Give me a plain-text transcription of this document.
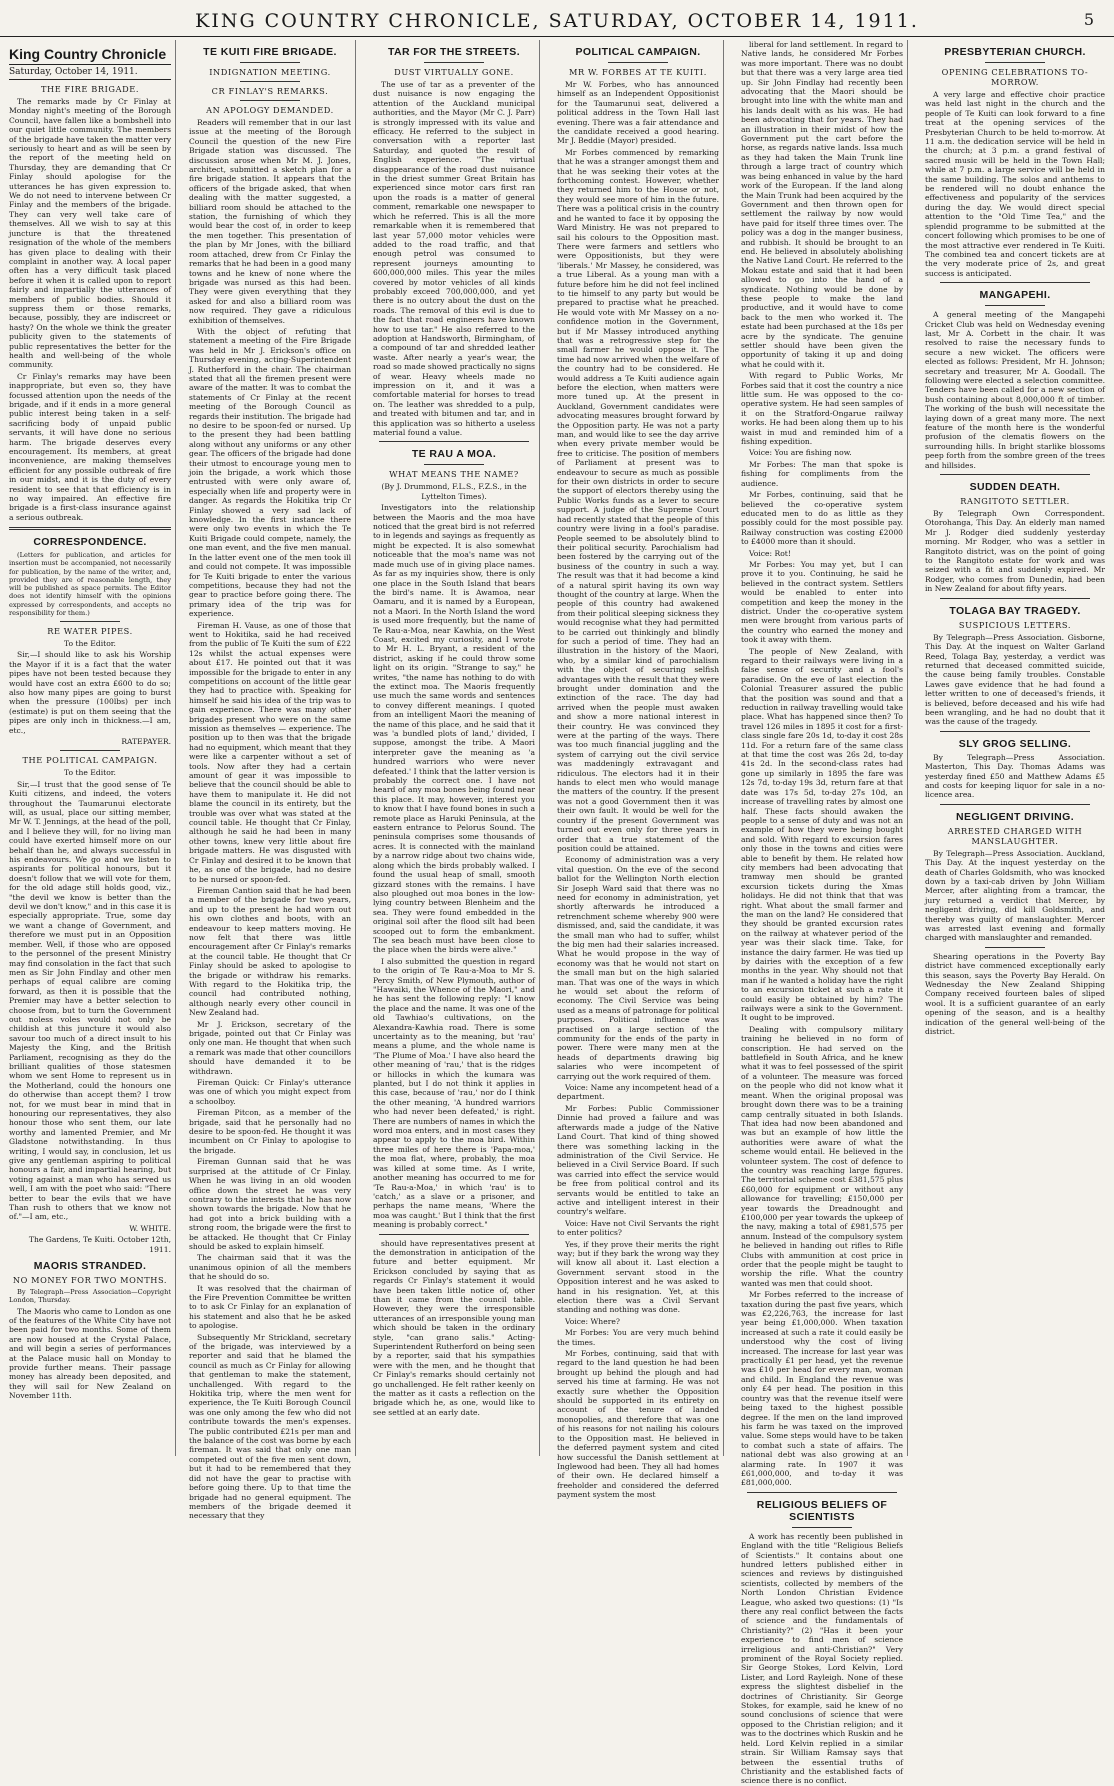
KING COUNTRY CHRONICLE, SATURDAY, OCTOBER 14, 1911.	5
King Country Chronicle
Saturday, October 14, 1911.
THE FIRE BRIGADE.

The remarks made by Cr Finlay at Monday night's meeting of the Borough Council, have fallen like a bombshell into our quiet little community. The members of the brigade have taken the matter very seriously to heart and as will be seen by the report of the meeting held on Thursday, they are demanding that Cr Finlay should apologise for the utterances he has given expression to. We do not need to intervene between Cr Finlay and the members of the brigade. They can very well take care of themselves. All we wish to say at this juncture is that the threatened resignation of the whole of the members has given place to dealing with their complaint in another way. A local paper often has a very difficult task placed before it when it is called upon to report fairly and impartially the utterances of members of public bodies. Should it suppress them or those remarks, because, possibly, they are indiscreet or hasty? On the whole we think the greater publicity given to the statements of public representatives the better for the health and well-being of the whole community.

Cr Finlay's remarks may have been inappropriate, but even so, they have focussed attention upon the needs of the brigade, and if it ends in a more general public interest being taken in a self-sacrificing body of unpaid public servants, it will have done no serious harm. The brigade deserves every encouragement. Its members, at great inconvenience, are making themselves efficient for any possible outbreak of fire in our midst, and it is the duty of every resident to see that that efficiency is in no way impaired. An effective fire brigade is a first-class insurance against a serious outbreak.

CORRESPONDENCE.

(Letters for publication, and articles for insertion must be accompanied, not necessarily for publication, by the name of the writer, and, provided they are of reasonable length, they will be published as space permits. The Editor does not identify himself with the opinions expressed by correspondents, and accepts no responsibility for them.)

RE WATER PIPES.

To the Editor.

Sir,—I should like to ask his Worship the Mayor if it is a fact that the water pipes have not been tested because they would have cost an extra £600 to do so; also how many pipes are going to burst when the pressure (100lbs) per inch (estimate) is put on them seeing that the pipes are only inch in thickness.—I am, etc.,

RATEPAYER.

THE POLITICAL CAMPAIGN.

To the Editor.

Sir,—I trust that the good sense of Te Kuiti citizens, and indeed, the voters throughout the Taumarunui electorate will, as usual, place our sitting member, Mr W. T. Jennings, at the head of the poll, and I believe they will, for no living man could have exerted himself more on our behalf than he, and always successful in his endeavours. We go and we listen to aspirants for political honours, but it doesn't follow that we will vote for them, for the old adage still holds good, viz., "the devil we know is better than the devil we don't know," and in this case it is especially appropriate. True, some day we want a change of Government, and therefore we must put in an Opposition member. Well, if those who are opposed to the personnel of the present Ministry may find consolation in the fact that such men as Sir John Findlay and other men perhaps of equal calibre are coming forward, as then it is possible that the Premier may have a better selection to choose from, but to turn the Government out noless voles would not only be childish at this juncture it would also savour too much of a direct insult to his Majesty the King, and the British Parliament, recognising as they do the brilliant qualities of those statesmen whom we sent Home to represent us in the Motherland, could the honours one do otherwise than accept them? I trow not, for we must bear in mind that in honouring our representatives, they also honour those who sent them, our late worthy and lamented Premier, and Mr Gladstone notwithstanding. In thus writing, I would say, in conclusion, let us give any gentleman aspiring to political honours a fair, and impartial hearing, but voting against a man who has served us well, I am with the poet who said: "There better to bear the evils that we have Than rush to others that we know not of."—I am, etc.,

W. WHITE.

The Gardens, Te Kuiti. October 12th, 1911.

MAORIS STRANDED.
NO MONEY FOR TWO MONTHS.

By Telegraph—Press Association—Copyright London, Thursday.

The Maoris who came to London as one of the features of the White City have not been paid for two months. Some of them are now housed at the Crystal Palace, and will begin a series of performances at the Palace music hall on Monday to provide further means. Their passage money has already been deposited, and they will sail for New Zealand on November 11th.

TE KUITI FIRE BRIGADE.
INDIGNATION MEETING.
CR FINLAY'S REMARKS.
AN APOLOGY DEMANDED.

Readers will remember that in our last issue at the meeting of the Borough Council the question of the new Fire Brigade station was discussed. The discussion arose when Mr M. J. Jones, architect, submitted a sketch plan for a fire brigade station. It appears that the officers of the brigade asked, that when dealing with the matter suggested, a billiard room should be attached to the station, the furnishing of which they would bear the cost of, in order to keep the men together. This presentation of the plan by Mr Jones, with the billiard room attached, drew from Cr Finlay the remarks that he had been in a good many towns and he knew of none where the brigade was nursed as this had been. They were given everything that they asked for and also a billiard room was now required. They gave a ridiculous exhibition of themselves.

With the object of refuting that statement a meeting of the Fire Brigade was held in Mr J. Erickson's office on Thursday evening, acting-Superintendent J. Rutherford in the chair. The chairman stated that all the firemen present were aware of the matter. It was to combat the statements of Cr Finlay at the recent meeting of the Borough Council as regards their institution. The brigade had no desire to be spoon-fed or nursed. Up to the present they had been battling along without any uniforms or any other gear. The officers of the brigade had done their utmost to encourage young men to join the brigade, a work which those entrusted with were only aware of, especially when life and property were in danger. As regards the Hokitika trip Cr Finlay showed a very sad lack of knowledge. In the first instance there were only two events in which the Te Kuiti Brigade could compete, namely, the one man event, and the five men manual. In the latter event one of the men took ill and could not compete. It was impossible for Te Kuiti brigade to enter the various competitions, because they had not the gear to practice before going there. The primary idea of the trip was for experience.

Fireman H. Vause, as one of those that went to Hokitika, said he had received from the public of Te Kuiti the sum of £22 12s whilst the actual expenses were about £17. He pointed out that it was impossible for the brigade to enter in any competitions on account of the little gear they had to practice with. Speaking for himself he said his idea of the trip was to gain experience. There was many other brigades present who were on the same mission as themselves — experience. The position up to then was that the brigade had no equipment, which meant that they were like a carpenter without a set of tools. Now after they had a certain amount of gear it was impossible to believe that the council should be able to have them to manipulate it. He did not blame the council in its entirety, but the trouble was over what was stated at the council table. He thought that Cr Finlay, although he said he had been in many other towns, knew very little about fire brigade matters. He was disgusted with Cr Finlay and desired it to be known that he, as one of the brigade, had no desire to be nursed or spoon-fed.

Fireman Cantion said that he had been a member of the brigade for two years, and up to the present he had worn out his own clothes and boots, with an endeavour to keep matters moving. He now felt that there was little encouragement after Cr Finlay's remarks at the council table. He thought that Cr Finlay should be asked to apologise to the brigade or withdraw his remarks. With regard to the Hokitika trip, the council had contributed nothing, although nearly every other council in New Zealand had.

Mr J. Erickson, secretary of the brigade, pointed out that Cr Finlay was only one man. He thought that when such a remark was made that other councillors should have demanded it to be withdrawn.

Fireman Quick: Cr Finlay's utterance was one of which you might expect from a schoolboy.

Fireman Pitcon, as a member of the brigade, said that he personally had no desire to be spoon-fed. He thought it was incumbent on Cr Finlay to apologise to the brigade.

Fireman Gunnan said that he was surprised at the attitude of Cr Finlay. When he was living in an old wooden office down the street he was very contrary to the interests that he has now shown towards the brigade. Now that he had got into a brick building with a strong room, the brigade were the first to be attacked. He thought that Cr Finlay should be asked to explain himself.

The chairman said that it was the unanimous opinion of all the members that he should do so.

It was resolved that the chairman of the Fire Prevention Committee be written to to ask Cr Finlay for an explanation of his statement and also that he be asked to apologise.

Subsequently Mr Strickland, secretary of the brigade, was interviewed by a reporter and said that he blamed the council as much as Cr Finlay for allowing that gentleman to make the statement, unchallenged. With regard to the Hokitika trip, where the men went for experience, the Te Kuiti Borough Council was one only among the few who did not contribute towards the men's expenses. The public contributed £21s per man and the balance of the cost was borne by each fireman. It was said that only one man competed out of the five men sent down, but it had to be remembered that they did not have the gear to practise with before going there. Up to that time the brigade had no general equipment. The members of the brigade deemed it necessary that they

TAR FOR THE STREETS.
DUST VIRTUALLY GONE.

The use of tar as a preventer of the dust nuisance is now engaging the attention of the Auckland municipal authorities, and the Mayor (Mr C. J. Parr) is strongly impressed with its value and efficacy. He referred to the subject in conversation with a reporter last Saturday, and quoted the result of English experience. "The virtual disappearance of the road dust nuisance in the driest summer Great Britain has experienced since motor cars first ran upon the roads is a matter of general comment, remarkable one newspaper to which he referred. This is all the more remarkable when it is remembered that last year 57,000 motor vehicles were added to the road traffic, and that enough petrol was consumed to represent journeys amounting to 600,000,000 miles. This year the miles covered by motor vehicles of all kinds probably exceed 700,000,000, and yet there is no outcry about the dust on the roads. The removal of this evil is due to the fact that road engineers have known how to use tar." He also referred to the adoption at Handsworth, Birmingham, of a compound of tar and shredded leather waste. After nearly a year's wear, the road so made showed practically no signs of wear. Heavy wheels made no impression on it, and it was a comfortable material for horses to tread on. The leather was shredded to a pulp, and treated with bitumen and tar, and in this application was so hitherto a useless material found a value.

TE RAU A MOA.
WHAT MEANS THE NAME?

(By J. Drummond, F.L.S., F.Z.S., in the Lyttelton Times).

Investigators into the relationship between the Maoris and the moa have noticed that the great bird is not referred to in legends and sayings as frequently as might be expected. It is also somewhat noticeable that the moa's name was not made much use of in giving place names. As far as my inquiries show, there is only one place in the South Island that bears the bird's name. It is Awamoa, near Oamaru, and it is named by a European, not a Maori. In the North Island the word is used more frequently, but the name of Te Rau-a-Moa, near Kawhia, on the West Coast, excited my curiosity, and I wrote to Mr H. L. Bryant, a resident of the district, asking if he could throw some light on its origin. "Strange to say," he writes, "the name has nothing to do with the extinct moa. The Maoris frequently use much the same words and sentences to convey different meanings. I quoted from an intelligent Maori the meaning of the name of this place, and he said that it was 'a bundled plots of land,' divided, I suppose, amongst the tribe. A Maori interpreter gave the meaning as 'a hundred warriors who were never defeated.' I think that the latter version is probably the correct one. I have not heard of any moa bones being found near this place. It may, however, interest you to know that I have found bones in such a remote place as Haruki Peninsula, at the eastern entrance to Pelorus Sound. The peninsula comprises some thousands of acres. It is connected with the mainland by a narrow ridge about two chains wide, along which the birds probably walked. I found the usual heap of small, smooth gizzard stones with the remains. I have also ploughed out moa bones in the low-lying country between Blenheim and the sea. They were found embedded in the original soil after the flood silt had been scooped out to form the embankment. The sea beach must have been close to the place when the birds were alive."

I also submitted the question in regard to the origin of Te Rau-a-Moa to Mr S. Percy Smith, of New Plymouth, author of "Hawaiki, the Whence of the Maori," and he has sent the following reply: "I know the place and the name. It was one of the old Tawhiao's cultivations, on the Alexandra-Kawhia road. There is some uncertainty as to the meaning, but 'rau' means a plume, and the whole name is 'The Plume of Moa.' I have also heard the other meaning of 'rau,' that is the ridges or hillocks in which the kumara was planted, but I do not think it applies in this case, because of 'rau,' nor do I think the other meaning, 'A hundred warriors who had never been defeated,' is right. There are numbers of names in which the word moa enters, and in most cases they appear to apply to the moa bird. Within three miles of here there is 'Papa-moa,' the moa flat, where, probably, the moa was killed at some time. As I write, another meaning has occurred to me for 'Te Rau-a-Moa,' in which 'rau' is to 'catch,' as a slave or a prisoner, and perhaps the name means, 'Where the moa was caught.' But I think that the first meaning is probably correct."

should have representatives present at the demonstration in anticipation of the future and better equipment. Mr Erickson concluded by saying that as regards Cr Finlay's statement it would have been taken little notice of, other than it came from the council table. However, they were the irresponsible utterances of an irresponsible young man which should be taken in the ordinary style, "can grano salis." Acting-Superintendent Rutherford on being seen by a reporter, said that his sympathies were with the men, and he thought that Cr Finlay's remarks should certainly not go unchallenged. He felt rather keenly on the matter as it casts a reflection on the brigade which he, as one, would like to see settled at an early date.

POLITICAL CAMPAIGN.
MR W. FORBES AT TE KUITI.

Mr W. Forbes, who has announced himself as an Independent Oppositionist for the Taumarunui seat, delivered a political address in the Town Hall last evening. There was a fair attendance and the candidate received a good hearing. Mr J. Beddie (Mayor) presided.

Mr Forbes commenced by remarking that he was a stranger amongst them and that he was seeking their votes at the forthcoming contest. However, whether they returned him to the House or not, they would see more of him in the future. There was a political crisis in the country and he wanted to face it by opposing the Ward Ministry. He was not prepared to sail his colours to the Opposition mast. There were farmers and settlers who were Oppositionists, but they were 'liberals.' Mr Massey, he considered, was a true Liberal. As a young man with a future before him he did not feel inclined to tie himself to any party but would be prepared to practise what he preached. He would vote with Mr Massey on a no-confidence motion in the Government, but if Mr Massey introduced anything that was a retrogressive step for the small farmer he would oppose it. The time had now arrived when the welfare of the country had to be considered. He would address a Te Kuiti audience again before the election, when matters were more tuned up. At the present in Auckland, Government candidates were advocating measures brought forward by the Opposition party. He was not a party man, and would like to see the day arrive when every private member would be free to criticise. The position of members of Parliament at present was to endeavour to secure as much as possible for their own districts in order to secure the support of electors thereby using the Public Works funds as a lever to secure support. A judge of the Supreme Court had recently stated that the people of this country were living in a fool's paradise. People seemed to be absolutely blind to their political security. Parochialism had been fostered by the carrying out of the business of the country in such a way. The result was that it had become a kind of a natural spirit having its own way thought of the country at large. When the people of this country had awakened from their political sleeping sickness they would recognise what they had permitted to be carried out thinkingly and blindly for such a period of time. They had an illustration in the history of the Maori, who, by a similar kind of parochialism with the object of securing selfish advantages with the result that they were brought under domination and the extinction of the race. The day had arrived when the people must awaken and show a more national interest in their country. He was convinced they were at the parting of the ways. There was too much financial juggling and the system of carrying out the civil service was maddeningly extravagant and ridiculous. The electors had it in their hands to elect men who would manage the matters of the country. If the present was not a good Government then it was their own fault. It would be well for the country if the present Government was turned out even only for three years in order that a true statement of the position could be attained.

Economy of administration was a very vital question. On the eve of the second ballot for the Wellington North election Sir Joseph Ward said that there was no need for economy in administration, yet shortly afterwards he introduced a retrenchment scheme whereby 900 were dismissed, and, said the candidate, it was the small man who had to suffer, whilst the big men had their salaries increased. What he would propose in the way of economy was that he would not start on the small man but on the high salaried man. That was one of the ways in which he would set about the reform of economy. The Civil Service was being used as a means of patronage for political purposes. Political influence was practised on a large section of the community for the ends of the party in power. There were many men at the heads of departments drawing big salaries who were incompetent of carrying out the work required of them.

Voice: Name any incompetent head of a department.

Mr Forbes: Public Commissioner Dinnie had proved a failure and was afterwards made a judge of the Native Land Court. That kind of thing showed there was something lacking in the administration of the Civil Service. He believed in a Civil Service Board. If such was carried into effect the service would be free from political control and its servants would be entitled to take an active and intelligent interest in their country's welfare.

Voice: Have not Civil Servants the right to enter politics?

Yes, if they prove their merits the right way; but if they bark the wrong way they will know all about it. Last election a Government servant stood in the Opposition interest and he was asked to hand in his resignation. Yet, at this election there was a Civil Servant standing and nothing was done.

Voice: Where?

Mr Forbes: You are very much behind the times.

Mr Forbes, continuing, said that with regard to the land question he had been brought up behind the plough and had served his time at farming. He was not exactly sure whether the Opposition should be supported in its entirety on account of the tenure of landed monopolies, and therefore that was one of his reasons for not nailing his colours to the Opposition mast. He believed in the deferred payment system and cited how successful the Danish settlement at Inglewood had been. They all had homes of their own. He declared himself a freeholder and considered the deferred payment system the most

liberal for land settlement. In regard to Native lands, he considered Mr Forbes was more important. There was no doubt but that there was a very large area tied up. Sir John Findlay had recently been advocating that the Maori should be brought into line with the white man and his lands dealt with as his was. He had been advocating that for years. They had an illustration in their midst of how the Government put the cart before the horse, as regards native lands. Issa much as they had taken the Main Trunk line through a large tract of country which was being enhanced in value by the hard work of the European. If the land along the Main Trunk had been acquired by the Government and then thrown open for settlement the railway by now would have paid for itself three times over. The policy was a dog in the manger business, and rubbish. It should be brought to an end. He believed in absolutely abolishing the Native Land Court. He referred to the Mokau estate and said that it had been allowed to go into the hand of a syndicate. Nothing would be done by these people to make the land productive, and it would have to come back to the men who worked it. The estate had been purchased at the 18s per acre by the syndicate. The genuine settler should have been given the opportunity of taking it up and doing what he could with it.

With regard to Public Works, Mr Forbes said that it cost the country a nice little sum. He was opposed to the co-operative system. He had seen samples of it on the Stratford-Ongarue railway works. He had been along them up to his waist in mud and reminded him of a fishing expedition.

Voice: You are fishing now.

Mr Forbes: The man that spoke is fishing for compliments from the audience.

Mr Forbes, continuing, said that he believed the co-operative system educated men to do as little as they possibly could for the most possible pay. Railway construction was costing £2000 to £4000 more than it should.

Voice: Rot!

Mr Forbes: You may yet, but I can prove it to you. Continuing, he said he believed in the contract system. Settlers would be enabled to enter into competition and keep the money in the district. Under the co-operative system men were brought from various parts of the country who earned the money and took it away with them.

The people of New Zealand, with regard to their railways were living in a false sense of security and a fool's paradise. On the eve of last election the Colonial Treasurer assured the public that the position was sound and that a reduction in railway travelling would take place. What has happened since then? To travel 126 miles in 1895 it cost for a first-class single fare 20s 1d, to-day it cost 28s 11d. For a return fare of the same class at that time the cost was 26s 2d, to-day 41s 2d. In the second-class rates had gone up similarly in 1895 the fare was 12s 7d, to-day 19s 3d, return fare at that date was 17s 5d, to-day 27s 10d, an increase of travelling rates by almost one half. These facts should awaken the people to a sense of duty and was not an example of how they were being bought and sold. With regard to excursion fares only those in the towns and cities were able to benefit by them. He related how city members had been advocating that tramway men should be granted excursion tickets during the Xmas holidays. He did not think that that was right. What about the small farmer and the man on the land? He considered that they should be granted excursion rates on the railway at whatever period of the year was their slack time. Take, for instance the dairy farmer. He was tied up by dairies with the exception of a few months in the year. Why should not that man if he wanted a holiday have the right to an excursion ticket at such a rate it could easily be obtained by him? The railways were a sink to the Government. It ought to be improved.

Dealing with compulsory military training he believed in no form of conscription. He had served on the battlefield in South Africa, and he knew what it was to feel possessed of the spirit of a volunteer. The measure was forced on the people who did not know what it meant. When the original proposal was brought down there was to be a training camp centrally situated in both Islands. That idea had now been abandoned and was but an example of how little the authorities were aware of what the scheme would entail. He believed in the volunteer system. The cost of defence to the country was reaching large figures. The territorial scheme cost £381,575 plus £60,000 for equipment or without any allowance for travelling; £150,000 per year towards the Dreadnought and £100,000 per year towards the upkeep of the navy, making a total of £981,575 per annum. Instead of the compulsory system he believed in handing out rifles to Rifle Clubs with ammunition at cost price in order that the people might be taught to worship the rifle. What the country wanted was men that could shoot.

Mr Forbes referred to the increase of taxation during the past five years, which was £2,226,763, the increase for last year being £1,000,000. When taxation increased at such a rate it could easily be understood why the cost of living increased. The increase for last year was practically £1 per head, yet the revenue was £10 per head for every man, woman and child. In England the revenue was only £4 per head. The position in this country was that the revenue itself were being taxed to the highest possible degree. If the men on the land improved his farm he was taxed on the improved value. Some steps would have to be taken to combat such a state of affairs. The national debt was also growing at an alarming rate. In 1907 it was £61,000,000, and to-day it was £81,000,000.

RELIGIOUS BELIEFS OF SCIENTISTS

A work has recently been published in England with the title "Religious Beliefs of Scientists." It contains about one hundred letters published either in sciences and reviews by distinguished scientists, collected by members of the North London Christian Evidence League, who asked two questions: (1) "Is there any real conflict between the facts of science and the fundamentals of Christianity?" (2) "Has it been your experience to find men of science irreligious and anti-Christian?" Very prominent of the Royal Society replied. Sir George Stokes, Lord Kelvin, Lord Lister, and Lord Rayleigh. None of these express the slightest disbelief in the doctrines of Christianity. Sir George Stokes, for example, said he knew of no sound conclusions of science that were opposed to the Christian religion; and it was to the doctrines which Ruskin and he held. Lord Kelvin replied in a similar strain. Sir William Ramsay says that between the essential truths of Christianity and the established facts of science there is no conflict.

PRESBYTERIAN CHURCH.
OPENING CELEBRATIONS TO-MORROW.

A very large and effective choir practice was held last night in the church and the people of Te Kuiti can look forward to a fine treat at the opening services of the Presbyterian Church to be held to-morrow. At 11 a.m. the dedication service will be held in the church; at 3 p.m. a grand festival of sacred music will be held in the Town Hall; while at 7 p.m. a large service will be held in the same building. The solos and anthems to be rendered will no doubt enhance the effectiveness and popularity of the services during the day. We would direct special attention to the "Old Time Tea," and the splendid programme to be submitted at the concert following which promises to be one of the most attractive ever rendered in Te Kuiti. The combined tea and concert tickets are at the very moderate price of 2s, and great success is anticipated.

MANGAPEHI.

A general meeting of the Mangapehi Cricket Club was held on Wednesday evening last, Mr A. Corbett in the chair. It was resolved to raise the necessary funds to secure a new wicket. The officers were elected as follows: President, Mr H. Johnson; secretary and treasurer, Mr A. Goodall. The following were elected a selection committee. Tenders have been called for a new section of bush containing about 8,000,000 ft of timber. The working of the bush will necessitate the laying down of a great many more. The next feature of the month here is the wonderful profusion of the clematis flowers on the surrounding hills. In bright starlike blossoms peep forth from the sombre green of the trees and hillsides.

SUDDEN DEATH.
RANGITOTO SETTLER.

By Telegraph Own Correspondent. Otorohanga, This Day. An elderly man named Mr J. Rodger died suddenly yesterday morning. Mr Rodger, who was a settler in Rangitoto district, was on the point of going to the Rangitoto estate for work and was seized with a fit and suddenly expired. Mr Rodger, who comes from Dunedin, had been in New Zealand for about fifty years.

TOLAGA BAY TRAGEDY.
SUSPICIOUS LETTERS.

By Telegraph—Press Association. Gisborne, This Day. At the inquest on Walter Garland Reed, Tolaga Bay, yesterday, a verdict was returned that deceased committed suicide, the cause being family troubles. Constable Lawes gave evidence that he had found a letter written to one of deceased's friends, it is believed, before deceased and his wife had been wrangling, and he had no doubt that it was the cause of the tragedy.

SLY GROG SELLING.

By Telegraph—Press Association. Masterton, This Day. Thomas Adams was yesterday fined £50 and Matthew Adams £5 and costs for keeping liquor for sale in a no-licence area.

NEGLIGENT DRIVING.
ARRESTED CHARGED WITH MANSLAUGHTER.

By Telegraph—Press Association. Auckland, This Day. At the inquest yesterday on the death of Charles Goldsmith, who was knocked down by a taxi-cab driven by John William Mercer, after alighting from a tramcar, the jury returned a verdict that Mercer, by negligent driving, did kill Goldsmith, and thereby was guilty of manslaughter. Mercer was arrested last evening and formally charged with manslaughter and remanded.

Shearing operations in the Poverty Bay district have commenced exceptionally early this season, says the Poverty Bay Herald. On Wednesday the New Zealand Shipping Company received fourteen bales of sliped wool. It is a sufficient guarantee of an early opening of the season, and is a healthy indication of the general well-being of the district.
